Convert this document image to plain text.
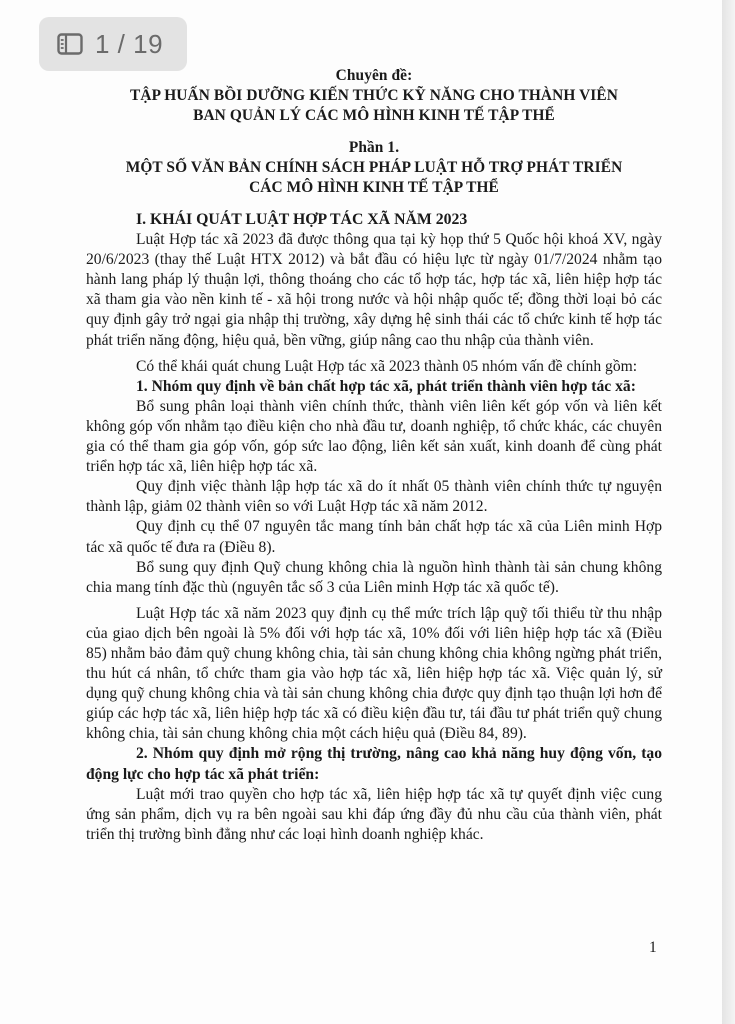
1 / 19
Chuyên đề:
TẬP HUẤN BỒI DƯỠNG KIẾN THỨC KỸ NĂNG CHO THÀNH VIÊN
BAN QUẢN LÝ CÁC MÔ HÌNH KINH TẾ TẬP THỂ
Phần 1.
MỘT SỐ VĂN BẢN CHÍNH SÁCH PHÁP LUẬT HỖ TRỢ PHÁT TRIỂN
CÁC MÔ HÌNH KINH TẾ TẬP THỂ
I. KHÁI QUÁT LUẬT HỢP TÁC XÃ NĂM 2023

Luật Hợp tác xã 2023 đã được thông qua tại kỳ họp thứ 5 Quốc hội khoá XV, ngày 20/6/2023 (thay thế Luật HTX 2012) và bắt đầu có hiệu lực từ ngày 01/7/2024 nhằm tạo hành lang pháp lý thuận lợi, thông thoáng cho các tổ hợp tác, hợp tác xã, liên hiệp hợp tác xã tham gia vào nền kinh tế - xã hội trong nước và hội nhập quốc tế; đồng thời loại bỏ các quy định gây trở ngại gia nhập thị trường, xây dựng hệ sinh thái các tổ chức kinh tế hợp tác phát triển năng động, hiệu quả, bền vững, giúp nâng cao thu nhập của thành viên.

Có thể khái quát chung Luật Hợp tác xã 2023 thành 05 nhóm vấn đề chính gồm:

1. Nhóm quy định về bản chất hợp tác xã, phát triển thành viên hợp tác xã:

Bổ sung phân loại thành viên chính thức, thành viên liên kết góp vốn và liên kết không góp vốn nhằm tạo điều kiện cho nhà đầu tư, doanh nghiệp, tổ chức khác, các chuyên gia có thể tham gia góp vốn, góp sức lao động, liên kết sản xuất, kinh doanh để cùng phát triển hợp tác xã, liên hiệp hợp tác xã.

Quy định việc thành lập hợp tác xã do ít nhất 05 thành viên chính thức tự nguyện thành lập, giảm 02 thành viên so với Luật Hợp tác xã năm 2012.

Quy định cụ thể 07 nguyên tắc mang tính bản chất hợp tác xã của Liên minh Hợp tác xã quốc tế đưa ra (Điều 8).

Bổ sung quy định Quỹ chung không chia là nguồn hình thành tài sản chung không chia mang tính đặc thù (nguyên tắc số 3 của Liên minh Hợp tác xã quốc tế).

Luật Hợp tác xã năm 2023 quy định cụ thể mức trích lập quỹ tối thiểu từ thu nhập của giao dịch bên ngoài là 5% đối với hợp tác xã, 10% đối với liên hiệp hợp tác xã (Điều 85) nhằm bảo đảm quỹ chung không chia, tài sản chung không chia không ngừng phát triển, thu hút cá nhân, tổ chức tham gia vào hợp tác xã, liên hiệp hợp tác xã. Việc quản lý, sử dụng quỹ chung không chia và tài sản chung không chia được quy định tạo thuận lợi hơn để giúp các hợp tác xã, liên hiệp hợp tác xã có điều kiện đầu tư, tái đầu tư phát triển quỹ chung không chia, tài sản chung không chia một cách hiệu quả (Điều 84, 89).

2. Nhóm quy định mở rộng thị trường, nâng cao khả năng huy động vốn, tạo động lực cho hợp tác xã phát triển:

Luật mới trao quyền cho hợp tác xã, liên hiệp hợp tác xã tự quyết định việc cung ứng sản phẩm, dịch vụ ra bên ngoài sau khi đáp ứng đầy đủ nhu cầu của thành viên, phát triển thị trường bình đẳng như các loại hình doanh nghiệp khác.

1
